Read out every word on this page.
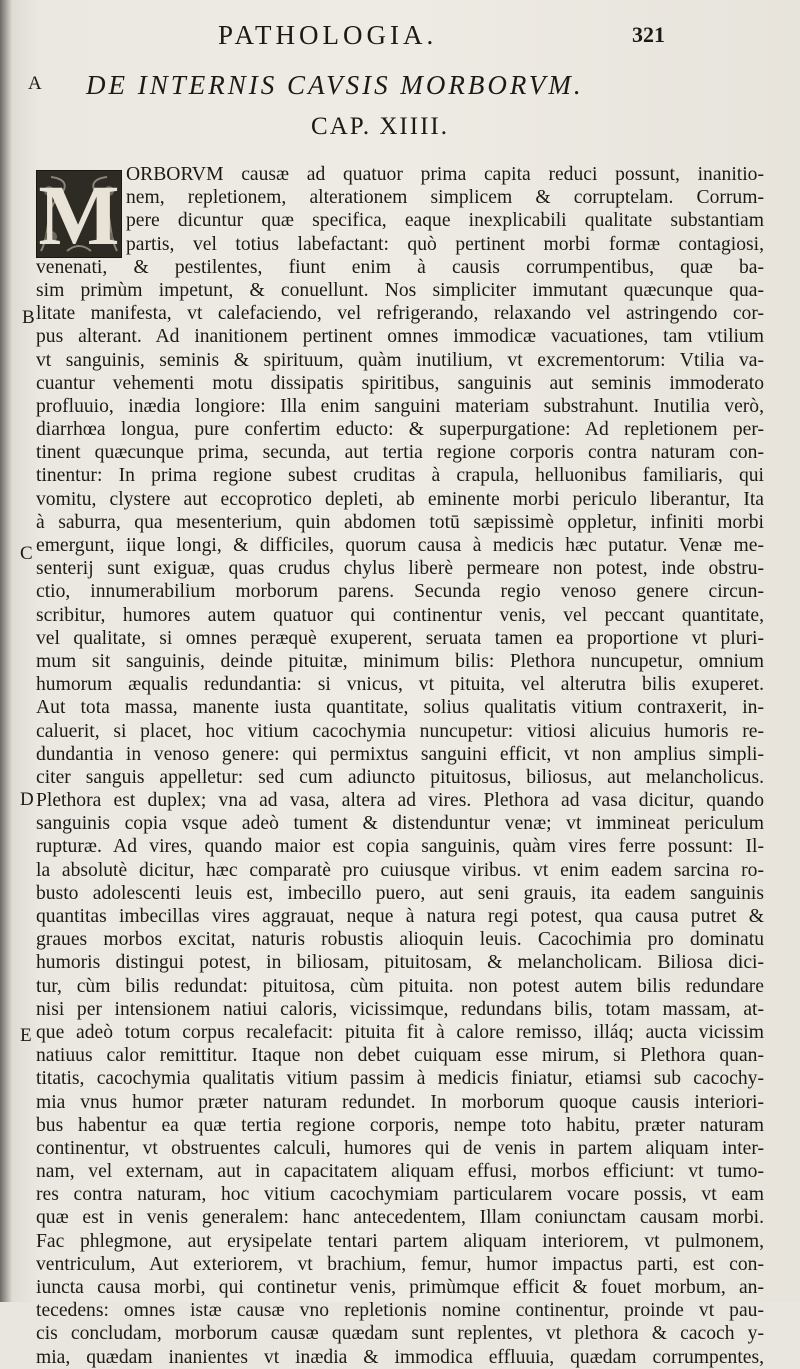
PATHOLOGIA.	321
A
B
C
D
E
DE INTERNIS CAVSIS MORBORVM.
CAP. XIIII.
M ORBORVM causæ ad quatuor prima capita reduci possunt, inanitio-
nem, repletionem, alterationem simplicem & corruptelam. Corrum-
pere dicuntur quæ specifica, eaque inexplicabili qualitate substantiam
partis, vel totius labefactant: quò pertinent morbi formæ contagiosi,
venenati, & pestilentes, fiunt enim à causis corrumpentibus, quæ ba-
sim primùm impetunt, & conuellunt. Nos simpliciter immutant quæcunque qua-
litate manifesta, vt calefaciendo, vel refrigerando, relaxando vel astringendo cor-
pus alterant. Ad inanitionem pertinent omnes immodicæ vacuationes, tam vtilium
vt sanguinis, seminis & spirituum, quàm inutilium, vt excrementorum: Vtilia va-
cuantur vehementi motu dissipatis spiritibus, sanguinis aut seminis immoderato
profluuio, inædia longiore: Illa enim sanguini materiam substrahunt. Inutilia verò,
diarrhœa longua, pure confertim educto: & superpurgatione: Ad repletionem per-
tinent quæcunque prima, secunda, aut tertia regione corporis contra naturam con-
tinentur: In prima regione subest cruditas à crapula, helluonibus familiaris, qui
vomitu, clystere aut eccoprotico depleti, ab eminente morbi periculo liberantur, Ita
à saburra, qua mesenterium, quin abdomen totū sæpissimè oppletur, infiniti morbi
emergunt, iique longi, & difficiles, quorum causa à medicis hæc putatur. Venæ me-
senterij sunt exiguæ, quas crudus chylus liberè permeare non potest, inde obstru-
ctio, innumerabilium morborum parens. Secunda regio venoso genere circun-
scribitur, humores autem quatuor qui continentur venis, vel peccant quantitate,
vel qualitate, si omnes peræquè exuperent, seruata tamen ea proportione vt pluri-
mum sit sanguinis, deinde pituitæ, minimum bilis: Plethora nuncupetur, omnium
humorum æqualis redundantia: si vnicus, vt pituita, vel alterutra bilis exuperet.
Aut tota massa, manente iusta quantitate, solius qualitatis vitium contraxerit, in-
caluerit, si placet, hoc vitium cacochymia nuncupetur: vitiosi alicuius humoris re-
dundantia in venoso genere: qui permixtus sanguini efficit, vt non amplius simpli-
citer sanguis appelletur: sed cum adiuncto pituitosus, biliosus, aut melancholicus.
Plethora est duplex; vna ad vasa, altera ad vires. Plethora ad vasa dicitur, quando
sanguinis copia vsque adeò tument & distenduntur venæ; vt immineat periculum
rupturæ. Ad vires, quando maior est copia sanguinis, quàm vires ferre possunt: Il-
la absolutè dicitur, hæc comparatè pro cuiusque viribus. vt enim eadem sarcina ro-
busto adolescenti leuis est, imbecillo puero, aut seni grauis, ita eadem sanguinis
quantitas imbecillas vires aggrauat, neque à natura regi potest, qua causa putret &
graues morbos excitat, naturis robustis alioquin leuis. Cacochimia pro dominatu
humoris distingui potest, in biliosam, pituitosam, & melancholicam. Biliosa dici-
tur, cùm bilis redundat: pituitosa, cùm pituita. non potest autem bilis redundare
nisi per intensionem natiui caloris, vicissimque, redundans bilis, totam massam, at-
que adeò totum corpus recalefacit: pituita fit à calore remisso, illáq; aucta vicissim
natiuus calor remittitur. Itaque non debet cuiquam esse mirum, si Plethora quan-
titatis, cacochymia qualitatis vitium passim à medicis finiatur, etiamsi sub cacochy-
mia vnus humor præter naturam redundet. In morborum quoque causis interiori-
bus habentur ea quæ tertia regione corporis, nempe toto habitu, præter naturam
continentur, vt obstruentes calculi, humores qui de venis in partem aliquam inter-
nam, vel externam, aut in capacitatem aliquam effusi, morbos efficiunt: vt tumo-
res contra naturam, hoc vitium cacochymiam particularem vocare possis, vt eam
quæ est in venis generalem: hanc antecedentem, Illam coniunctam causam morbi.
Fac phlegmone, aut erysipelate tentari partem aliquam interiorem, vt pulmonem,
ventriculum, Aut exteriorem, vt brachium, femur, humor impactus parti, est con-
iuncta causa morbi, qui continetur venis, primùmque efficit & fouet morbum, an-
tecedens: omnes istæ causæ vno repletionis nomine continentur, proinde vt pau-
cis concludam, morborum causæ quædam sunt replentes, vt plethora & cacoch y-
mia, quædam inanientes vt inædia & immodica effluuia, quædam corrumpentes,
